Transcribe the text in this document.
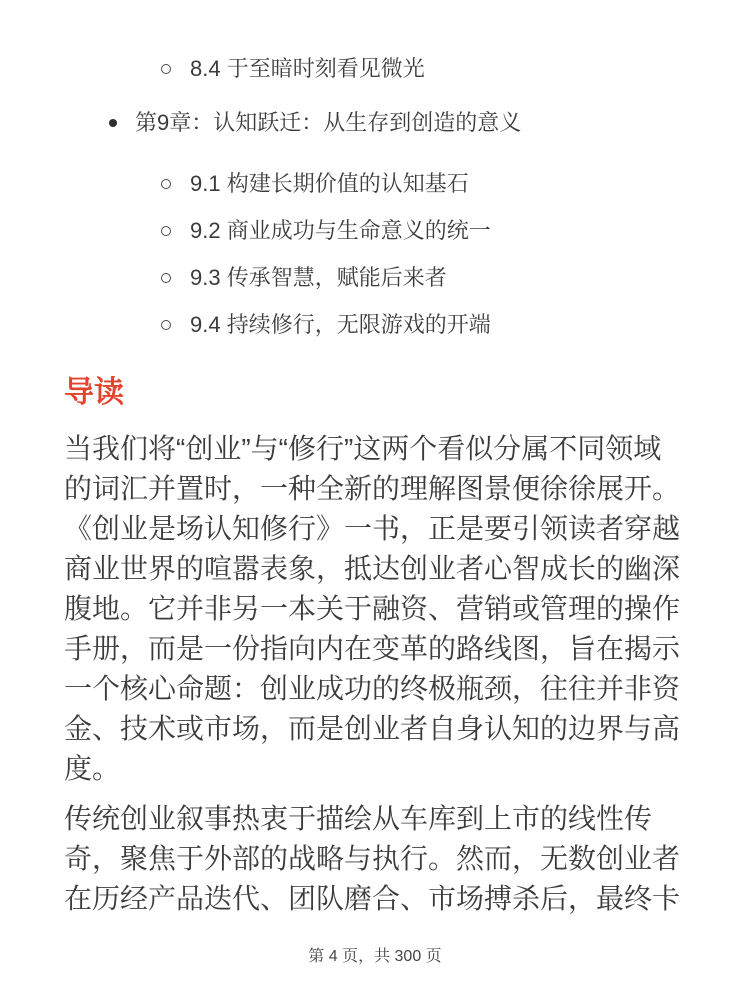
8.4 于至暗时刻看见微光
第9章：认知跃迁：从生存到创造的意义
9.1 构建长期价值的认知基石
9.2 商业成功与生命意义的统一
9.3 传承智慧，赋能后来者
9.4 持续修行，无限游戏的开端
导读

当我们将“创业”与“修行”这两个看似分属不同领域的词汇并置时，一种全新的理解图景便徐徐展开。《创业是场认知修行》一书，正是要引领读者穿越商业世界的喧嚣表象，抵达创业者心智成长的幽深腹地。它并非另一本关于融资、营销或管理的操作手册，而是一份指向内在变革的路线图，旨在揭示一个核心命题：创业成功的终极瓶颈，往往并非资金、技术或市场，而是创业者自身认知的边界与高度。

传统创业叙事热衷于描绘从车库到上市的线性传奇，聚焦于外部的战略与执行。然而，无数创业者在历经产品迭代、团队磨合、市场搏杀后，最终卡

第 4 页，共 300 页
